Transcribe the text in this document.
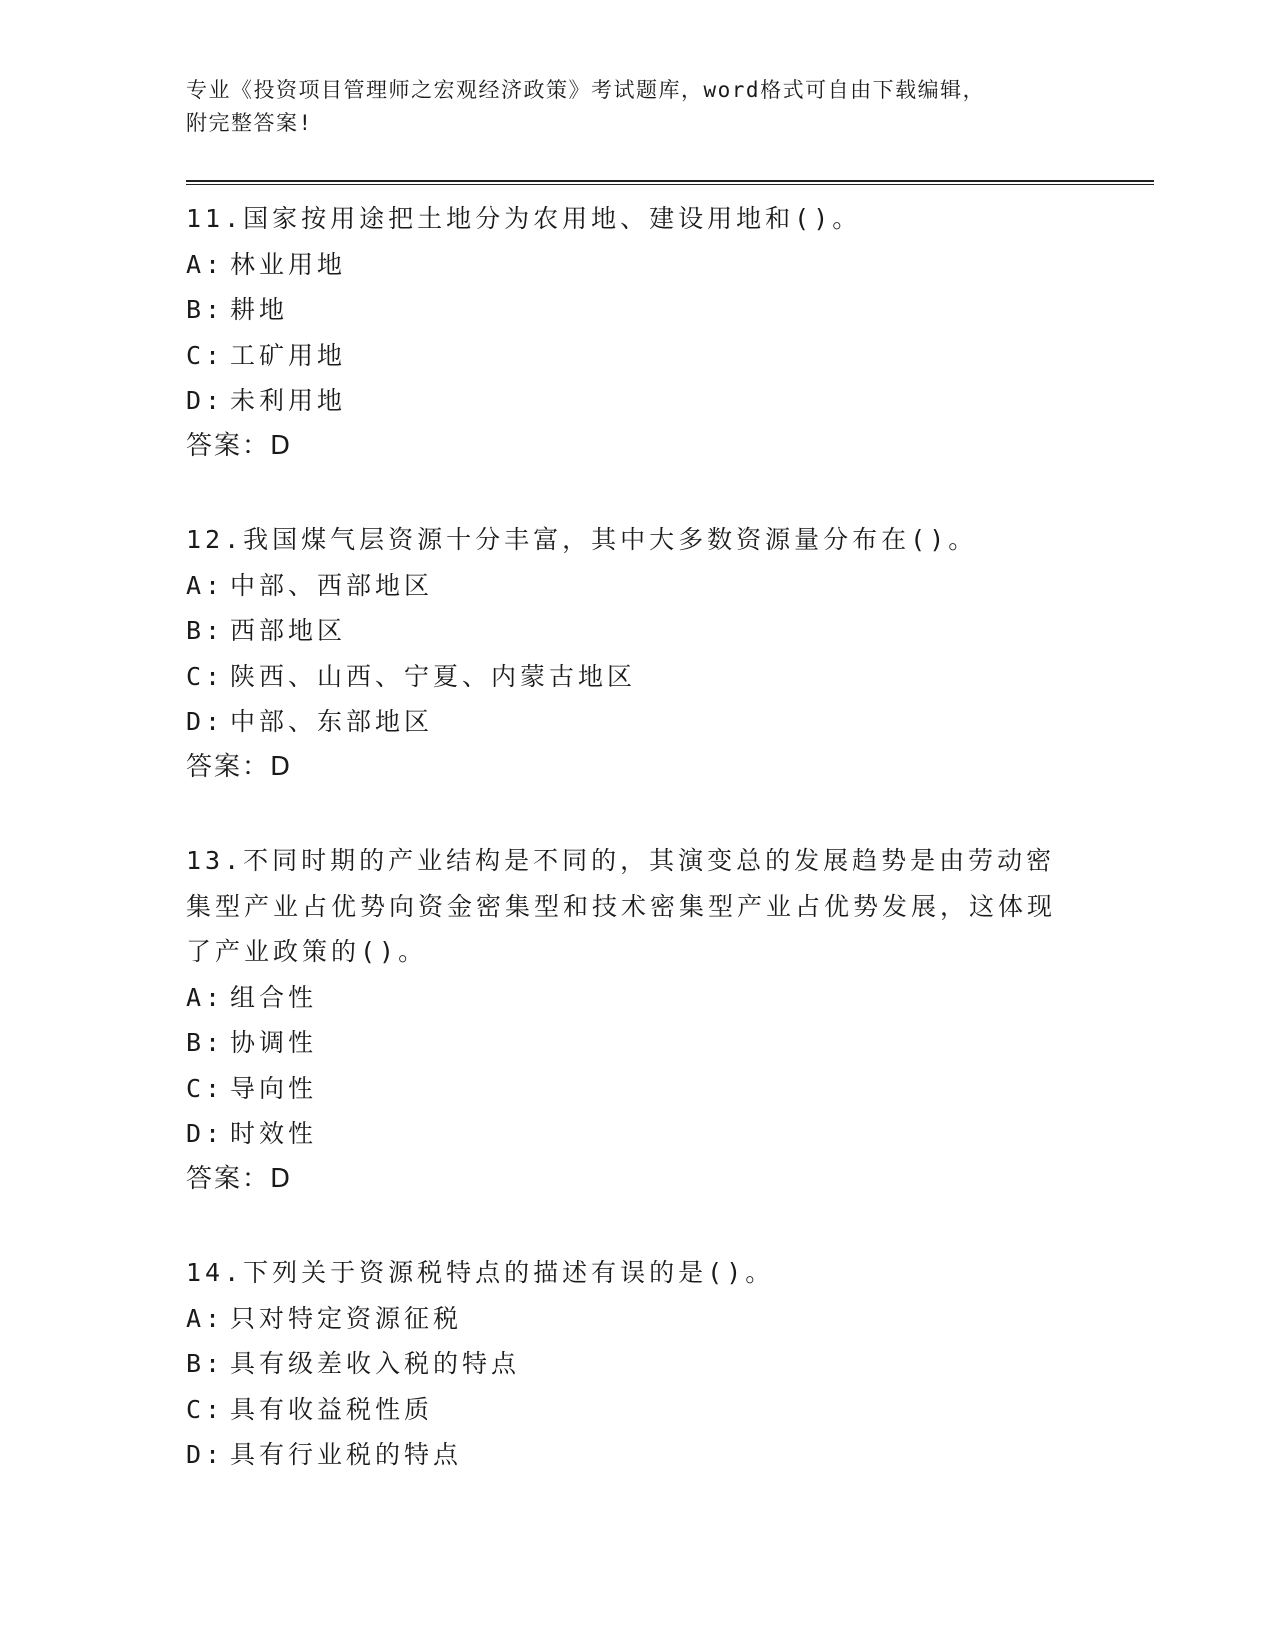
专业《投资项目管理师之宏观经济政策》考试题库，word格式可自由下载编辑，
附完整答案!
11.国家按用途把土地分为农用地、建设用地和()。
A: 林业用地
B: 耕地
C: 工矿用地
D: 未利用地
答案：D
12.我国煤气层资源十分丰富，其中大多数资源量分布在()。
A: 中部、西部地区
B: 西部地区
C: 陕西、山西、宁夏、内蒙古地区
D: 中部、东部地区
答案：D
13.不同时期的产业结构是不同的，其演变总的发展趋势是由劳动密集型产业占优势向资金密集型和技术密集型产业占优势发展，这体现了产业政策的()。
A: 组合性
B: 协调性
C: 导向性
D: 时效性
答案：D
14.下列关于资源税特点的描述有误的是()。
A: 只对特定资源征税
B: 具有级差收入税的特点
C: 具有收益税性质
D: 具有行业税的特点
